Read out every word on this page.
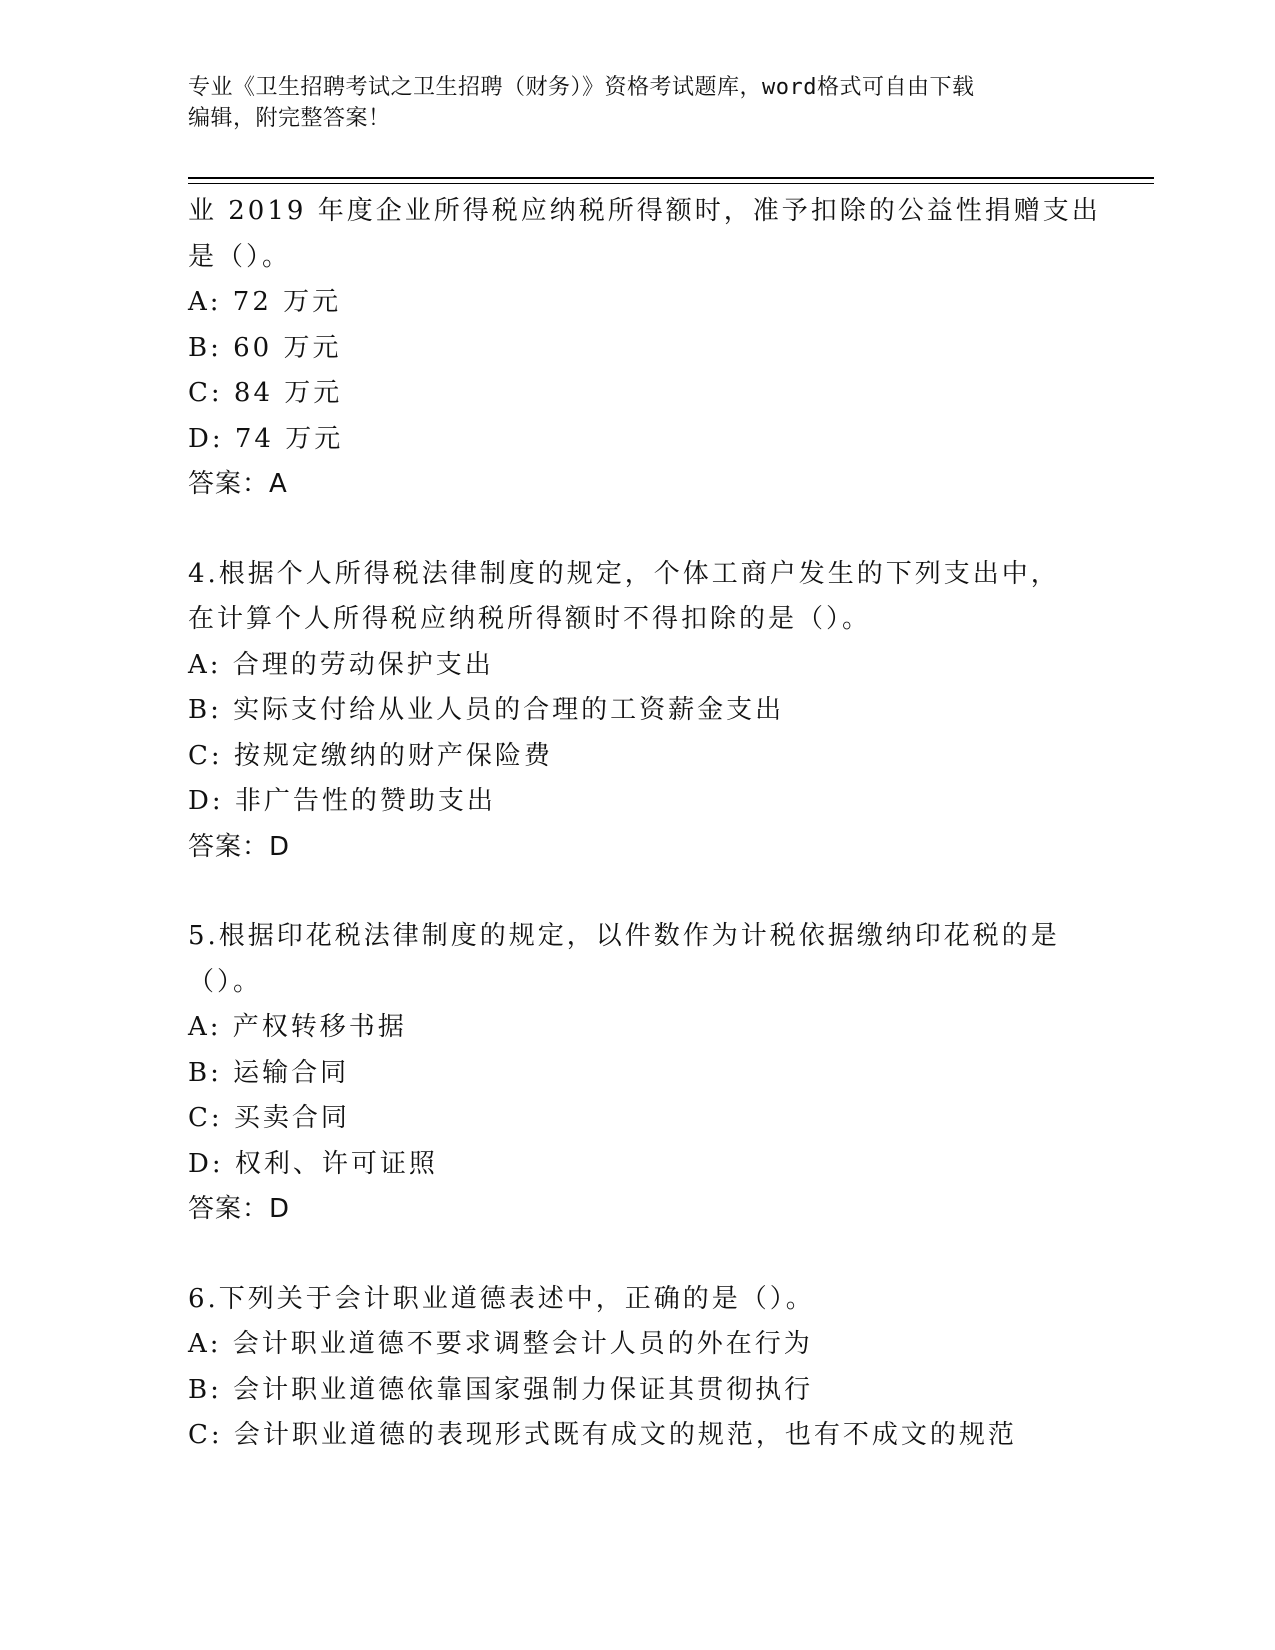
专业《卫生招聘考试之卫生招聘（财务）》资格考试题库，word格式可自由下载
编辑，附完整答案！
业 2019 年度企业所得税应纳税所得额时，准予扣除的公益性捐赠支出
是（）。
A: 72 万元
B: 60 万元
C: 84 万元
D: 74 万元
答案：A
4.根据个人所得税法律制度的规定，个体工商户发生的下列支出中，
在计算个人所得税应纳税所得额时不得扣除的是（）。
A: 合理的劳动保护支出
B: 实际支付给从业人员的合理的工资薪金支出
C: 按规定缴纳的财产保险费
D: 非广告性的赞助支出
答案：D
5.根据印花税法律制度的规定，以件数作为计税依据缴纳印花税的是
（）。
A: 产权转移书据
B: 运输合同
C: 买卖合同
D: 权利、许可证照
答案：D
6.下列关于会计职业道德表述中，正确的是（）。
A: 会计职业道德不要求调整会计人员的外在行为
B: 会计职业道德依靠国家强制力保证其贯彻执行
C: 会计职业道德的表现形式既有成文的规范，也有不成文的规范
